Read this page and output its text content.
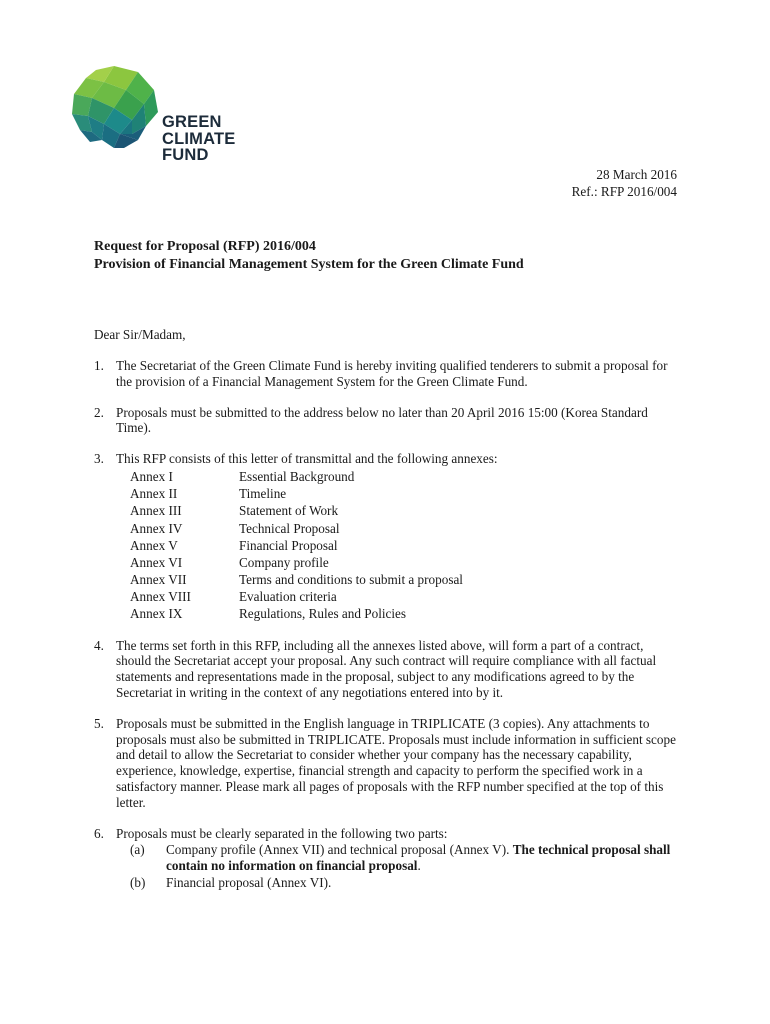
GREEN
CLIMATE
FUND
28 March 2016
Ref.: RFP 2016/004
Request for Proposal (RFP) 2016/004
Provision of Financial Management System for the Green Climate Fund
Dear Sir/Madam,
1. The Secretariat of the Green Climate Fund is hereby inviting qualified tenderers to submit a proposal for the provision of a Financial Management System for the Green Climate Fund.
2. Proposals must be submitted to the address below no later than 20 April 2016 15:00 (Korea Standard Time).
3. This RFP consists of this letter of transmittal and the following annexes:
Annex I	Essential Background
Annex II	Timeline
Annex III	Statement of Work
Annex IV	Technical Proposal
Annex V	Financial Proposal
Annex VI	Company profile
Annex VII	Terms and conditions to submit a proposal
Annex VIII	Evaluation criteria
Annex IX	Regulations, Rules and Policies
4. The terms set forth in this RFP, including all the annexes listed above, will form a part of a contract, should the Secretariat accept your proposal. Any such contract will require compliance with all factual statements and representations made in the proposal, subject to any modifications agreed to by the Secretariat in writing in the context of any negotiations entered into by it.
5. Proposals must be submitted in the English language in TRIPLICATE (3 copies). Any attachments to proposals must also be submitted in TRIPLICATE. Proposals must include information in sufficient scope and detail to allow the Secretariat to consider whether your company has the necessary capability, experience, knowledge, expertise, financial strength and capacity to perform the specified work in a satisfactory manner. Please mark all pages of proposals with the RFP number specified at the top of this letter.
6. Proposals must be clearly separated in the following two parts:
(a)	Company profile (Annex VII) and technical proposal (Annex V). The technical proposal shall contain no information on financial proposal.
(b)	Financial proposal (Annex VI).
